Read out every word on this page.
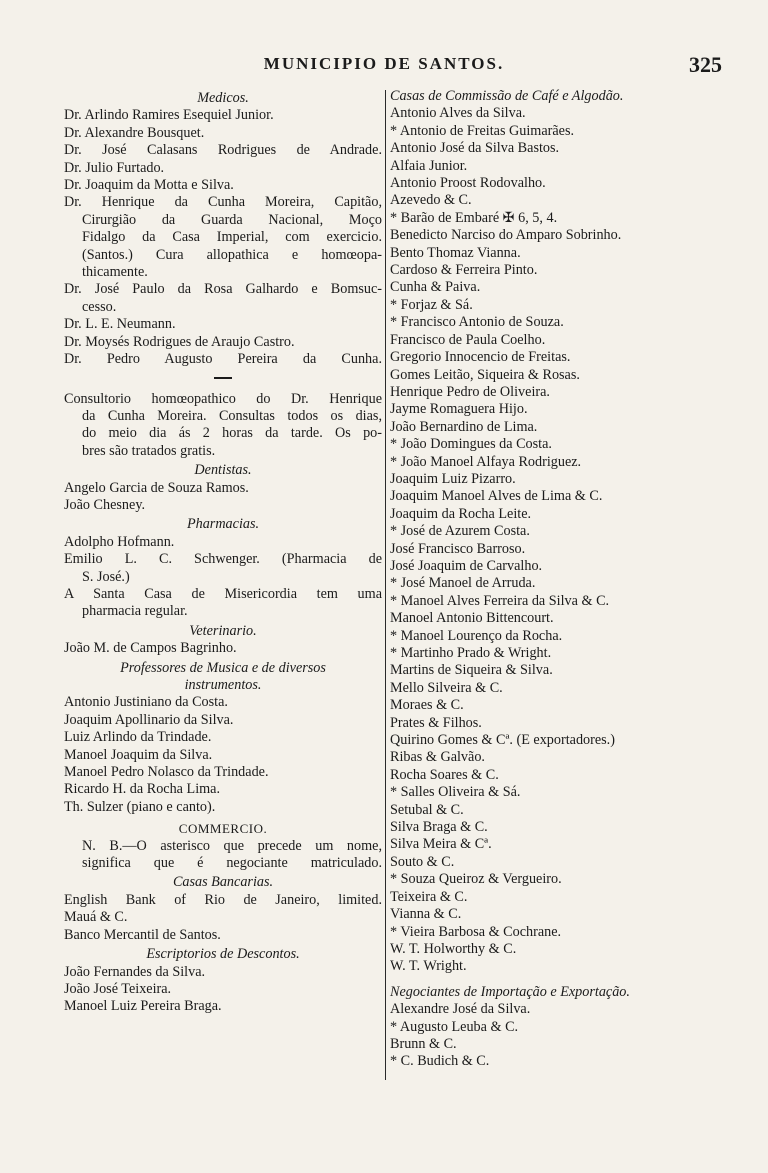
MUNICIPIO DE SANTOS.	325
Medicos.
Dr. Arlindo Ramires Esequiel Junior.
Dr. Alexandre Bousquet.
Dr. José Calasans Rodrigues de Andrade.
Dr. Julio Furtado.
Dr. Joaquim da Motta e Silva.
Dr. Henrique da Cunha Moreira, Capitão,
Cirurgião da Guarda Nacional, Moço
Fidalgo da Casa Imperial, com exercicio.
(Santos.) Cura allopathica e homœopa-
thicamente.
Dr. José Paulo da Rosa Galhardo e Bomsuc-
cesso.
Dr. L. E. Neumann.
Dr. Moysés Rodrigues de Araujo Castro.
Dr. Pedro Augusto Pereira da Cunha.
Consultorio homœopathico do Dr. Henrique
da Cunha Moreira. Consultas todos os dias,
do meio dia ás 2 horas da tarde. Os po-
bres são tratados gratis.
Dentistas.
Angelo Garcia de Souza Ramos.
João Chesney.
Pharmacias.
Adolpho Hofmann.
Emilio L. C. Schwenger. (Pharmacia de
S. José.)
A Santa Casa de Misericordia tem uma
pharmacia regular.
Veterinario.
João M. de Campos Bagrinho.
Professores de Musica e de diversos
instrumentos.
Antonio Justiniano da Costa.
Joaquim Apollinario da Silva.
Luiz Arlindo da Trindade.
Manoel Joaquim da Silva.
Manoel Pedro Nolasco da Trindade.
Ricardo H. da Rocha Lima.
Th. Sulzer (piano e canto).
COMMERCIO.
N. B.—O asterisco que precede um nome,
significa que é negociante matriculado.
Casas Bancarias.
English Bank of Rio de Janeiro, limited.
Mauá & C.
Banco Mercantil de Santos.
Escriptorios de Descontos.
João Fernandes da Silva.
João José Teixeira.
Manoel Luiz Pereira Braga.
Casas de Commissão de Café e Algodão.
Antonio Alves da Silva.
* Antonio de Freitas Guimarães.
Antonio José da Silva Bastos.
Alfaia Junior.
Antonio Proost Rodovalho.
Azevedo & C.
* Barão de Embaré ✠ 6, 5, 4.
Benedicto Narciso do Amparo Sobrinho.
Bento Thomaz Vianna.
Cardoso & Ferreira Pinto.
Cunha & Paiva.
* Forjaz & Sá.
* Francisco Antonio de Souza.
Francisco de Paula Coelho.
Gregorio Innocencio de Freitas.
Gomes Leitão, Siqueira & Rosas.
Henrique Pedro de Oliveira.
Jayme Romaguera Hijo.
João Bernardino de Lima.
* João Domingues da Costa.
* João Manoel Alfaya Rodriguez.
Joaquim Luiz Pizarro.
Joaquim Manoel Alves de Lima & C.
Joaquim da Rocha Leite.
* José de Azurem Costa.
José Francisco Barroso.
José Joaquim de Carvalho.
* José Manoel de Arruda.
* Manoel Alves Ferreira da Silva & C.
Manoel Antonio Bittencourt.
* Manoel Lourenço da Rocha.
* Martinho Prado & Wright.
Martins de Siqueira & Silva.
Mello Silveira & C.
Moraes & C.
Prates & Filhos.
Quirino Gomes & Cª. (E exportadores.)
Ribas & Galvão.
Rocha Soares & C.
* Salles Oliveira & Sá.
Setubal & C.
Silva Braga & C.
Silva Meira & Cª.
Souto & C.
* Souza Queiroz & Vergueiro.
Teixeira & C.
Vianna & C.
* Vieira Barbosa & Cochrane.
W. T. Holworthy & C.
W. T. Wright.
Negociantes de Importação e Exportação.
Alexandre José da Silva.
* Augusto Leuba & C.
Brunn & C.
* C. Budich & C.
